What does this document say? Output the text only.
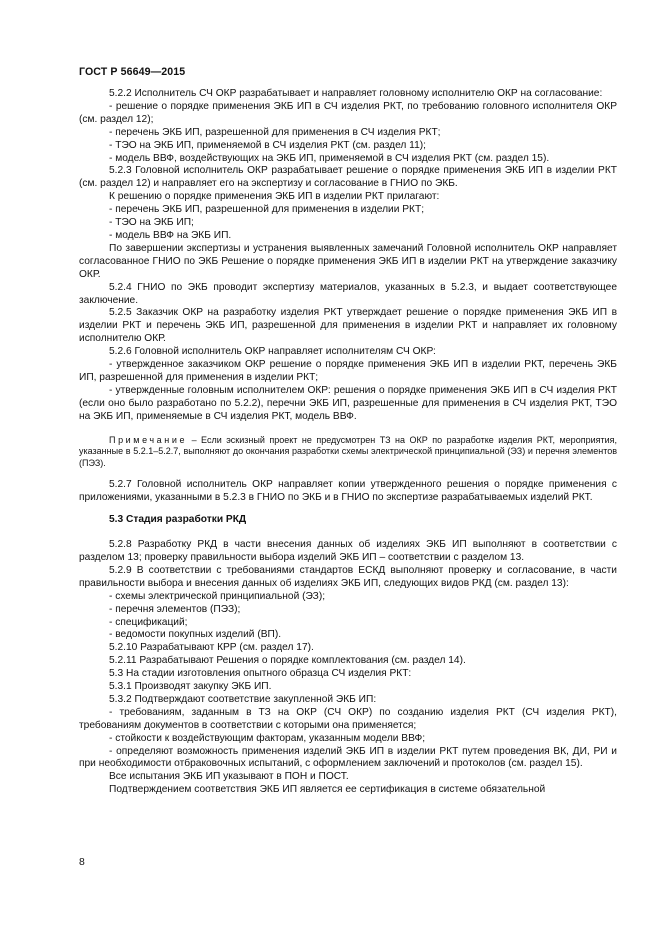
ГОСТ Р 56649—2015

5.2.2 Исполнитель СЧ ОКР разрабатывает и направляет головному исполнителю ОКР на согласование:

- решение о порядке применения ЭКБ ИП в СЧ изделия РКТ, по требованию головного исполнителя ОКР (см. раздел 12);

- перечень ЭКБ ИП, разрешенной для применения в СЧ изделия РКТ;

- ТЭО на ЭКБ ИП, применяемой в СЧ изделия РКТ (см. раздел 11);

- модель ВВФ, воздействующих на ЭКБ ИП, применяемой в СЧ изделия РКТ (см. раздел 15).

5.2.3 Головной исполнитель ОКР разрабатывает решение о порядке применения ЭКБ ИП в изделии РКТ (см. раздел 12) и направляет его на экспертизу и согласование в ГНИО по ЭКБ.

К решению о порядке применения ЭКБ ИП в изделии РКТ прилагают:

- перечень ЭКБ ИП, разрешенной для применения в изделии РКТ;

- ТЭО на ЭКБ ИП;

- модель ВВФ на ЭКБ ИП.

По завершении экспертизы и устранения выявленных замечаний Головной исполнитель ОКР направляет согласованное ГНИО по ЭКБ Решение о порядке применения ЭКБ ИП в изделии РКТ на утверждение заказчику ОКР.

5.2.4 ГНИО по ЭКБ проводит экспертизу материалов, указанных в 5.2.3, и выдает соответствующее заключение.

5.2.5 Заказчик ОКР на разработку изделия РКТ утверждает решение о порядке применения ЭКБ ИП в изделии РКТ и перечень ЭКБ ИП, разрешенной для применения в изделии РКТ и направляет их головному исполнителю ОКР.

5.2.6 Головной исполнитель ОКР направляет исполнителям СЧ ОКР:

- утвержденное заказчиком ОКР решение о порядке применения ЭКБ ИП в изделии РКТ, перечень ЭКБ ИП, разрешенной для применения в изделии РКТ;

- утвержденные головным исполнителем ОКР: решения о порядке применения ЭКБ ИП в СЧ изделия РКТ (если оно было разработано по 5.2.2), перечни ЭКБ ИП, разрешенные для применения в СЧ изделия РКТ, ТЭО на ЭКБ ИП, применяемые в СЧ изделия РКТ, модель ВВФ.

Примечание – Если эскизный проект не предусмотрен ТЗ на ОКР по разработке изделия РКТ, мероприятия, указанные в 5.2.1–5.2.7, выполняют до окончания разработки схемы электрической принципиальной (ЭЗ) и перечня элементов (ПЭЗ).

5.2.7 Головной исполнитель ОКР направляет копии утвержденного решения о порядке применения с приложениями, указанными в 5.2.3 в ГНИО по ЭКБ и в ГНИО по экспертизе разрабатываемых изделий РКТ.

5.3 Стадия разработки РКД

5.2.8 Разработку РКД в части внесения данных об изделиях ЭКБ ИП выполняют в соответствии с разделом 13; проверку правильности выбора изделий ЭКБ ИП – соответствии с разделом 13.

5.2.9 В соответствии с требованиями стандартов ЕСКД выполняют проверку и согласование, в части правильности выбора и внесения данных об изделиях ЭКБ ИП, следующих видов РКД (см. раздел 13):

- схемы электрической принципиальной (ЭЗ);

- перечня элементов (ПЭЗ);

- спецификаций;

- ведомости покупных изделий (ВП).

5.2.10 Разрабатывают КРР (см. раздел 17).

5.2.11 Разрабатывают Решения о порядке комплектования (см. раздел 14).

5.3 На стадии изготовления опытного образца СЧ изделия РКТ:

5.3.1 Производят закупку ЭКБ ИП.

5.3.2 Подтверждают соответствие закупленной ЭКБ ИП:

- требованиям, заданным в ТЗ на ОКР (СЧ ОКР) по созданию изделия РКТ (СЧ изделия РКТ), требованиям документов в соответствии с которыми она применяется;

- стойкости к воздействующим факторам, указанным модели ВВФ;

- определяют возможность применения изделий ЭКБ ИП в изделии РКТ путем проведения ВК, ДИ, РИ и при необходимости отбраковочных испытаний, с оформлением заключений и протоколов (см. раздел 15).

Все испытания ЭКБ ИП указывают в ПОН и ПОСТ.

Подтверждением соответствия ЭКБ ИП является ее сертификация в системе обязательной

8
